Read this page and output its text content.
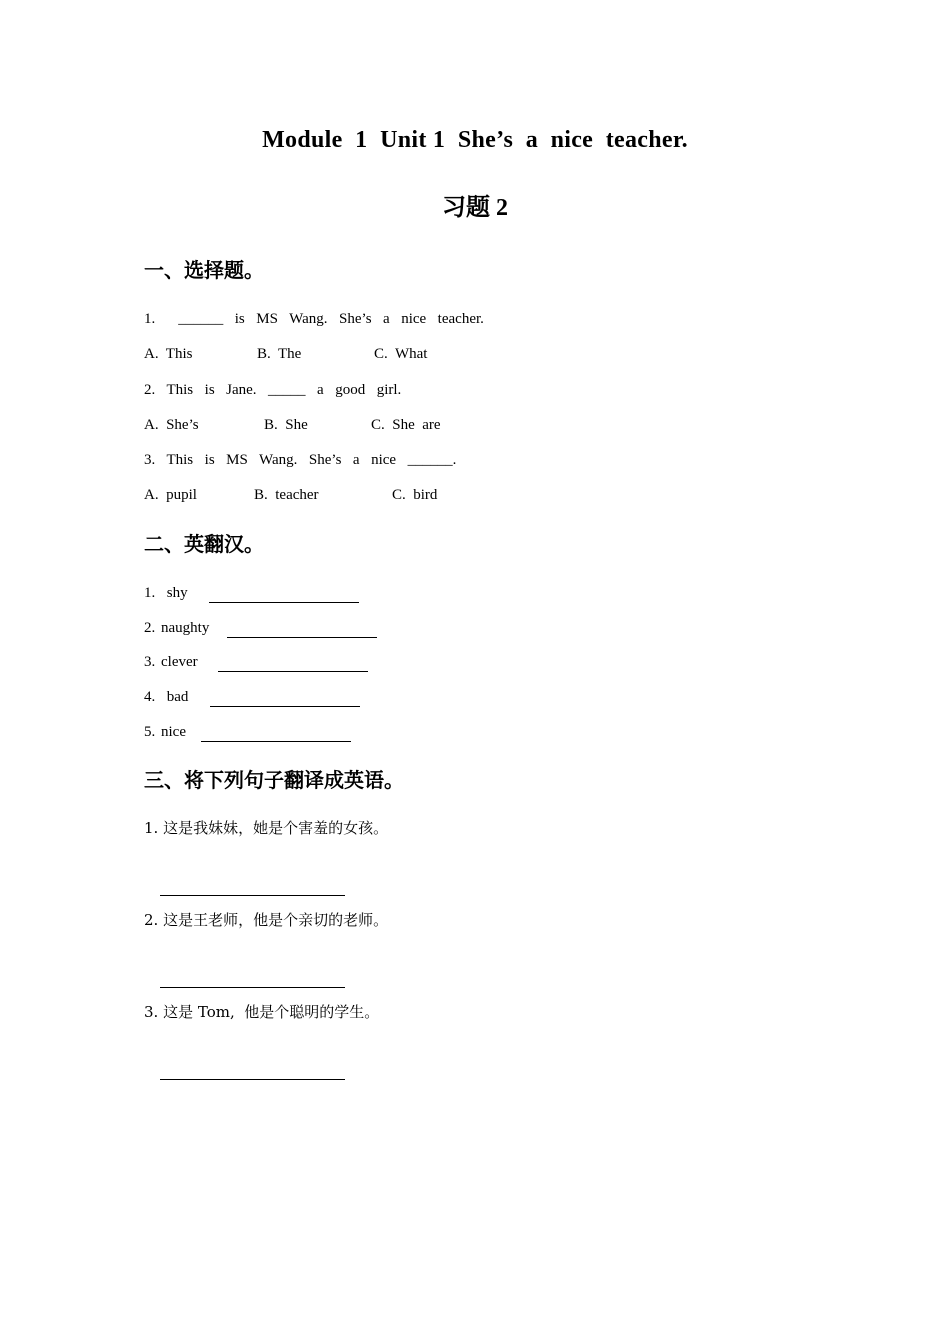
Module  1  Unit 1  She’s  a  nice  teacher.
习题 2
一、选择题。
1.    ______  is  MS  Wang.  She’s  a  nice  teacher.
A.  This	B.  The	C.  What
2.  This  is  Jane.  _____  a  good  girl.
A.  She’s	B.  She	C.  She  are
3.  This  is  MS  Wang.  She’s  a  nice  ______.
A.  pupil	B.  teacher	C.  bird
二、英翻汉。
1.  shy
2. naughty
3. clever
4.  bad
5. nice
三、将下列句子翻译成英语。
1. 这是我妹妹，她是个害羞的女孩。
2. 这是王老师，他是个亲切的老师。
3. 这是 Tom,  他是个聪明的学生。
